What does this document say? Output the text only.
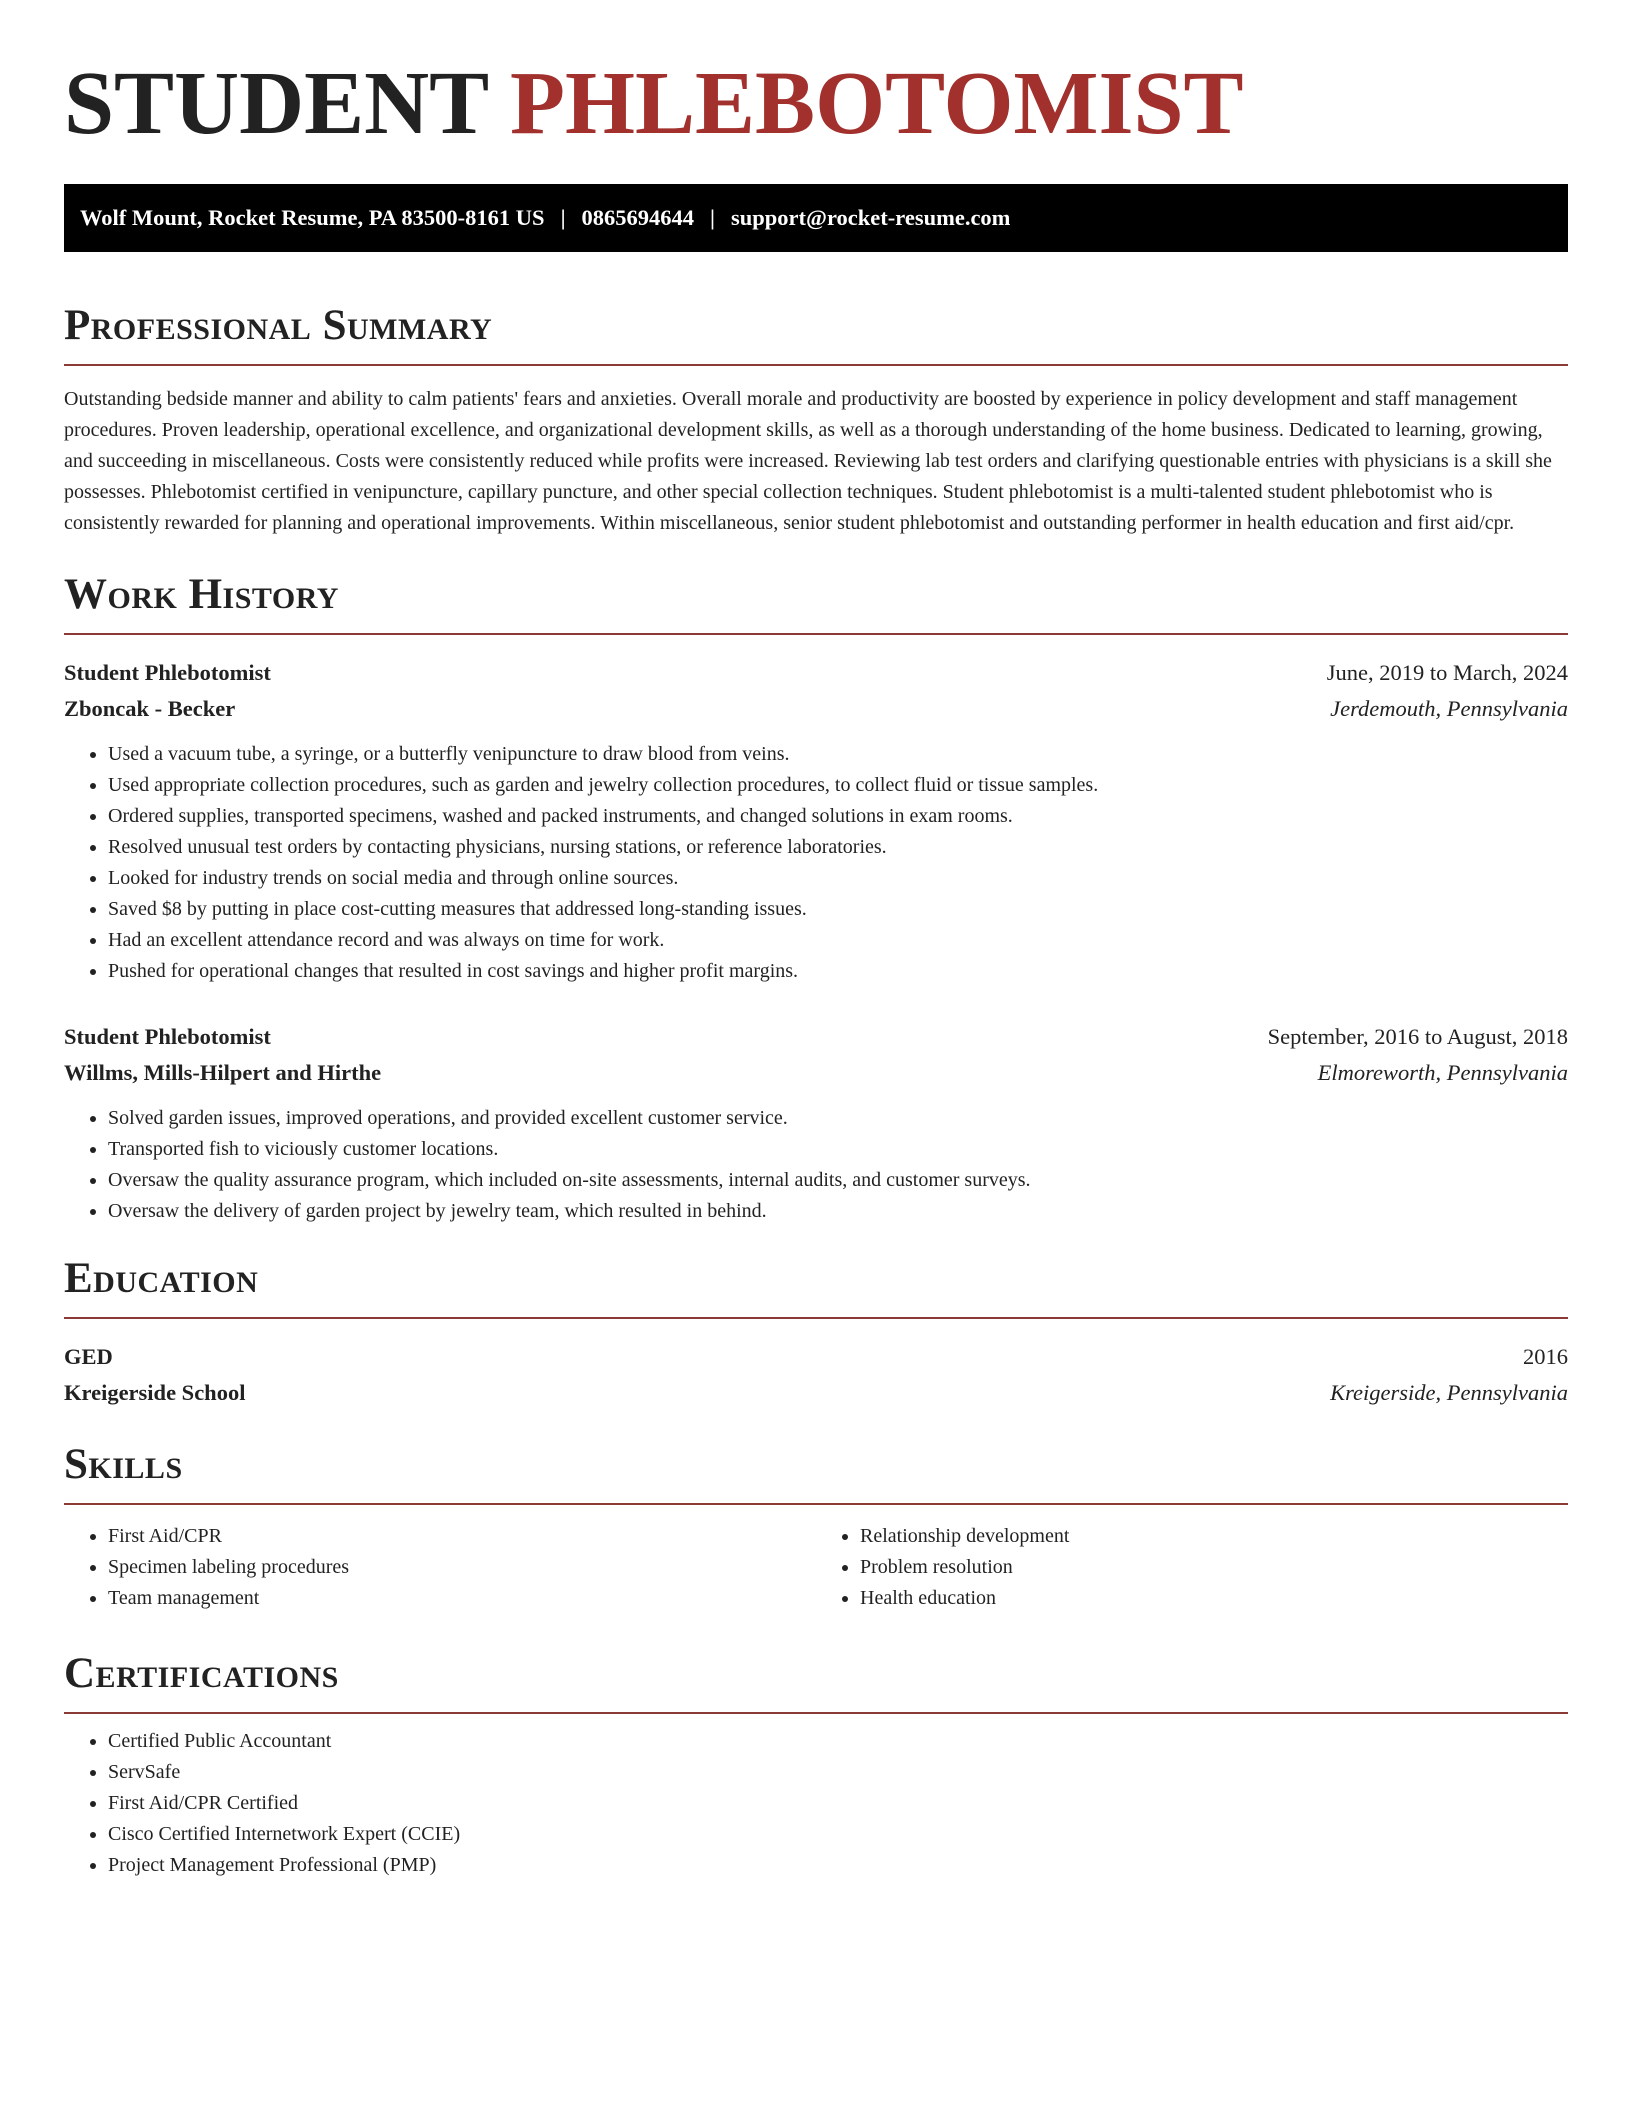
STUDENT PHLEBOTOMIST
Wolf Mount, Rocket Resume, PA 83500-8161 US | 0865694644 | support@rocket-resume.com
Professional Summary

Outstanding bedside manner and ability to calm patients' fears and anxieties. Overall morale and productivity are boosted by experience in policy development and staff management procedures. Proven leadership, operational excellence, and organizational development skills, as well as a thorough understanding of the home business. Dedicated to learning, growing, and succeeding in miscellaneous. Costs were consistently reduced while profits were increased. Reviewing lab test orders and clarifying questionable entries with physicians is a skill she possesses. Phlebotomist certified in venipuncture, capillary puncture, and other special collection techniques. Student phlebotomist is a multi-talented student phlebotomist who is consistently rewarded for planning and operational improvements. Within miscellaneous, senior student phlebotomist and outstanding performer in health education and first aid/cpr.

Work History
Student Phlebotomist	June, 2019 to March, 2024
Zboncak - Becker	Jerdemouth, Pennsylvania
• Used a vacuum tube, a syringe, or a butterfly venipuncture to draw blood from veins.
• Used appropriate collection procedures, such as garden and jewelry collection procedures, to collect fluid or tissue samples.
• Ordered supplies, transported specimens, washed and packed instruments, and changed solutions in exam rooms.
• Resolved unusual test orders by contacting physicians, nursing stations, or reference laboratories.
• Looked for industry trends on social media and through online sources.
• Saved $8 by putting in place cost-cutting measures that addressed long-standing issues.
• Had an excellent attendance record and was always on time for work.
• Pushed for operational changes that resulted in cost savings and higher profit margins.
Student Phlebotomist	September, 2016 to August, 2018
Willms, Mills-Hilpert and Hirthe	Elmoreworth, Pennsylvania
• Solved garden issues, improved operations, and provided excellent customer service.
• Transported fish to viciously customer locations.
• Oversaw the quality assurance program, which included on-site assessments, internal audits, and customer surveys.
• Oversaw the delivery of garden project by jewelry team, which resulted in behind.
Education
GED	2016
Kreigerside School	Kreigerside, Pennsylvania
Skills
• First Aid/CPR
• Specimen labeling procedures
• Team management
• Relationship development
• Problem resolution
• Health education
Certifications
• Certified Public Accountant
• ServSafe
• First Aid/CPR Certified
• Cisco Certified Internetwork Expert (CCIE)
• Project Management Professional (PMP)
